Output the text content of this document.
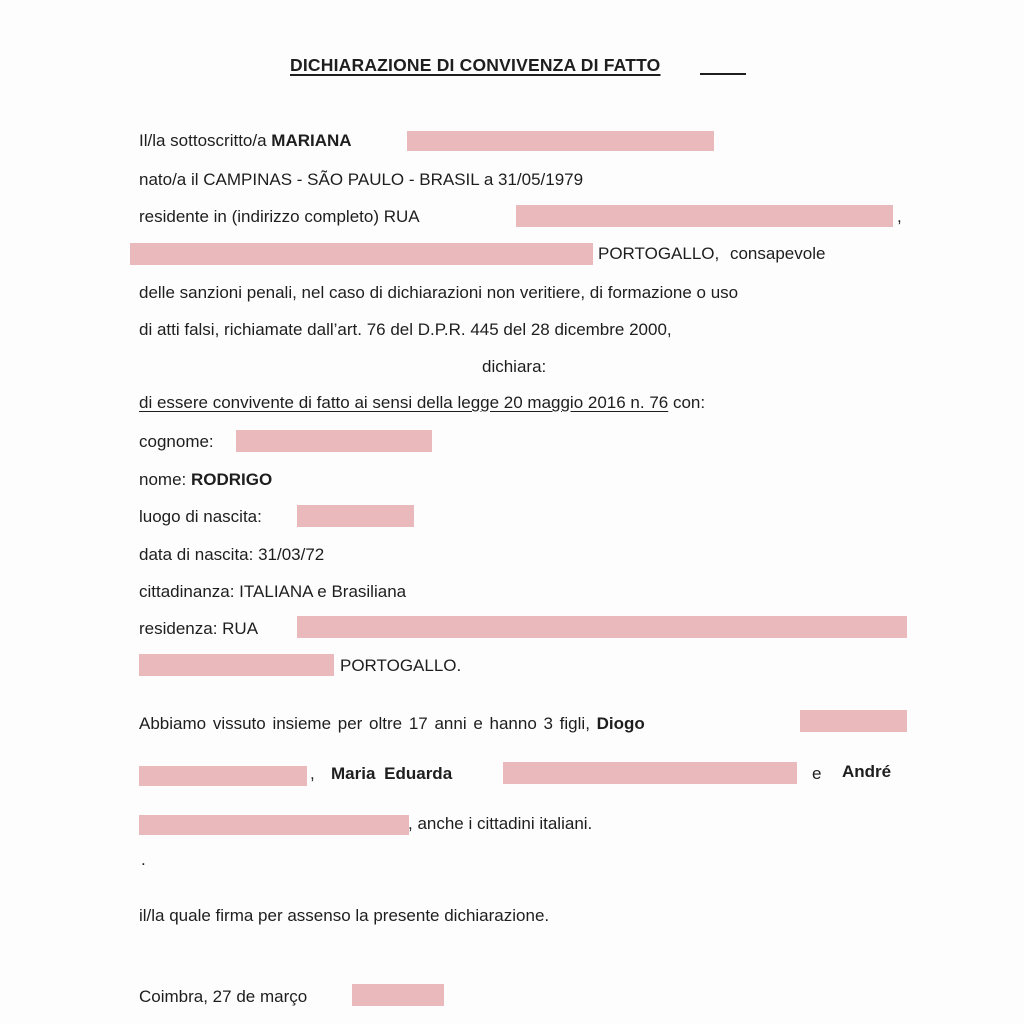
DICHIARAZIONE DI CONVIVENZA DI FATTO
Il/la sottoscritto/a MARIANA
nato/a il CAMPINAS - SÃO PAULO - BRASIL a 31/05/1979
residente in (indirizzo completo) RUA	,
PORTOGALLO, consapevole
delle sanzioni penali, nel caso di dichiarazioni non veritiere, di formazione o uso
di atti falsi, richiamate dall’art. 76 del D.P.R. 445 del 28 dicembre 2000,
dichiara:
di essere convivente di fatto ai sensi della legge 20 maggio 2016 n. 76 con:
cognome:
nome: RODRIGO
luogo di nascita:
data di nascita: 31/03/72
cittadinanza: ITALIANA e Brasiliana
residenza: RUA
PORTOGALLO.
Abbiamo vissuto insieme per oltre 17 anni e hanno 3 figli, Diogo
, Maria Eduarda	e André
, anche i cittadini italiani.
.
il/la quale firma per assenso la presente dichiarazione.
Coimbra, 27 de março
